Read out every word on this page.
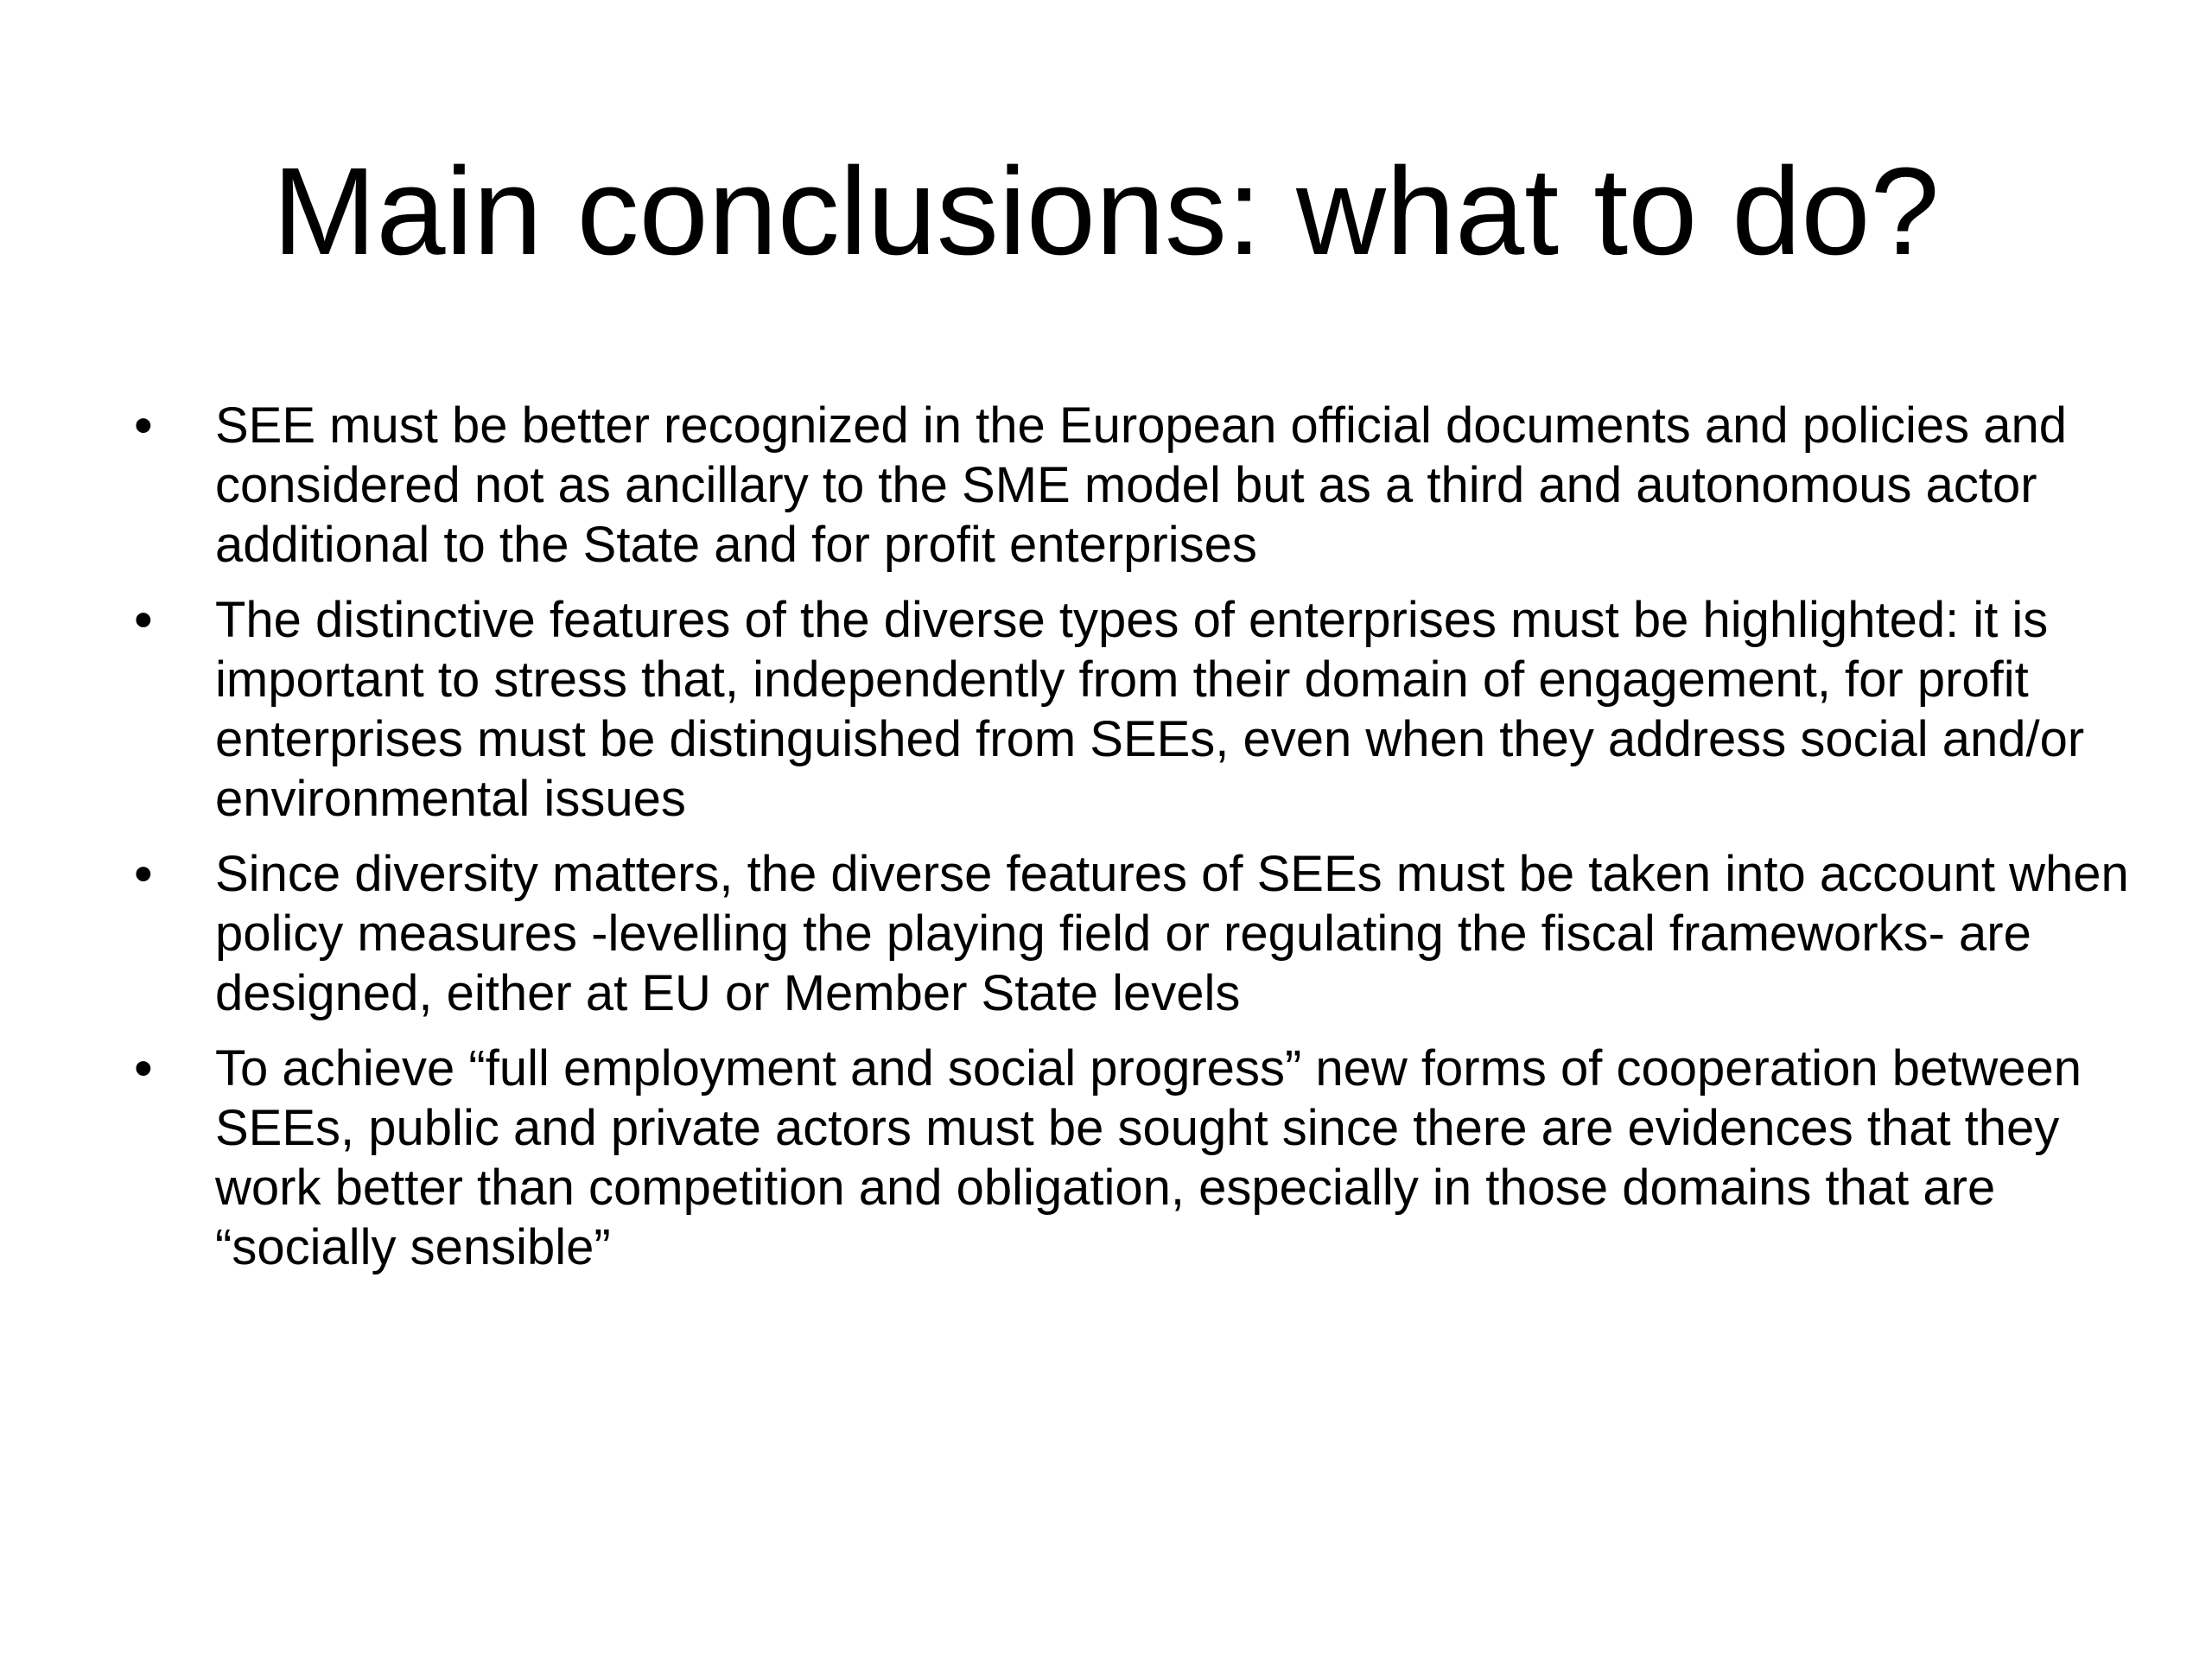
Main conclusions: what to do?
•	SEE must be better recognized in the European official documents and policies and considered not as ancillary to the SME model but as a third and autonomous actor additional to the State and for profit enterprises
•	The distinctive features of the diverse types of enterprises must be highlighted: it is important to stress that, independently from their domain of engagement, for profit enterprises must be distinguished from SEEs, even when they address social and/or environmental issues
•	Since diversity matters, the diverse features of SEEs must be taken into account when policy measures -levelling the playing field or regulating the fiscal frameworks- are designed, either at EU or Member State levels
•	To achieve “full employment and social progress” new forms of cooperation between SEEs, public and private actors must be sought since there are evidences that they work better than competition and obligation, especially in those domains that are “socially sensible”
